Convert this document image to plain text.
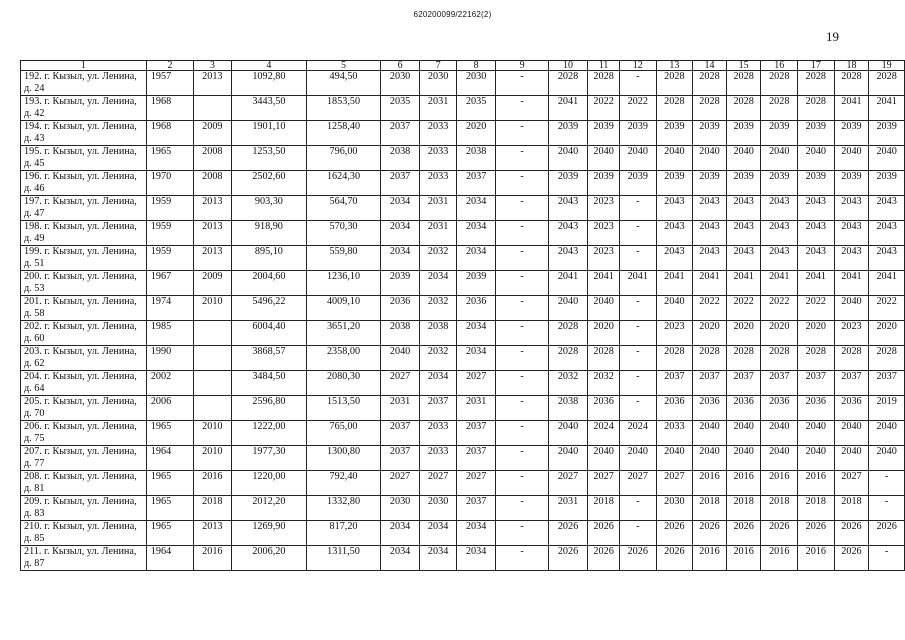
620200099/22162(2)
19
1	2	3	4	5	6	7	8	9	10	11	12	13	14	15	16	17	18	19
192. г. Кызыл, ул. Ленина, д. 24	1957	2013	1092,80	494,50	2030	2030	2030	-	2028	2028	-	2028	2028	2028	2028	2028	2028	2028
193. г. Кызыл, ул. Ленина, д. 42	1968		3443,50	1853,50	2035	2031	2035	-	2041	2022	2022	2028	2028	2028	2028	2028	2041	2041
194. г. Кызыл, ул. Ленина, д. 43	1968	2009	1901,10	1258,40	2037	2033	2020	-	2039	2039	2039	2039	2039	2039	2039	2039	2039	2039
195. г. Кызыл, ул. Ленина, д. 45	1965	2008	1253,50	796,00	2038	2033	2038	-	2040	2040	2040	2040	2040	2040	2040	2040	2040	2040
196. г. Кызыл, ул. Ленина, д. 46	1970	2008	2502,60	1624,30	2037	2033	2037	-	2039	2039	2039	2039	2039	2039	2039	2039	2039	2039
197. г. Кызыл, ул. Ленина, д. 47	1959	2013	903,30	564,70	2034	2031	2034	-	2043	2023	-	2043	2043	2043	2043	2043	2043	2043
198. г. Кызыл, ул. Ленина, д. 49	1959	2013	918,90	570,30	2034	2031	2034	-	2043	2023	-	2043	2043	2043	2043	2043	2043	2043
199. г. Кызыл, ул. Ленина, д. 51	1959	2013	895,10	559,80	2034	2032	2034	-	2043	2023	-	2043	2043	2043	2043	2043	2043	2043
200. г. Кызыл, ул. Ленина, д. 53	1967	2009	2004,60	1236,10	2039	2034	2039	-	2041	2041	2041	2041	2041	2041	2041	2041	2041	2041
201. г. Кызыл, ул. Ленина, д. 58	1974	2010	5496,22	4009,10	2036	2032	2036	-	2040	2040	-	2040	2022	2022	2022	2022	2040	2022
202. г. Кызыл, ул. Ленина, д. 60	1985		6004,40	3651,20	2038	2038	2034	-	2028	2020	-	2023	2020	2020	2020	2020	2023	2020
203. г. Кызыл, ул. Ленина, д. 62	1990		3868,57	2358,00	2040	2032	2034	-	2028	2028	-	2028	2028	2028	2028	2028	2028	2028
204. г. Кызыл, ул. Ленина, д. 64	2002		3484,50	2080,30	2027	2034	2027	-	2032	2032	-	2037	2037	2037	2037	2037	2037	2037
205. г. Кызыл, ул. Ленина, д. 70	2006		2596,80	1513,50	2031	2037	2031	-	2038	2036	-	2036	2036	2036	2036	2036	2036	2019
206. г. Кызыл, ул. Ленина, д. 75	1965	2010	1222,00	765,00	2037	2033	2037	-	2040	2024	2024	2033	2040	2040	2040	2040	2040	2040
207. г. Кызыл, ул. Ленина, д. 77	1964	2010	1977,30	1300,80	2037	2033	2037	-	2040	2040	2040	2040	2040	2040	2040	2040	2040	2040
208. г. Кызыл, ул. Ленина, д. 81	1965	2016	1220,00	792,40	2027	2027	2027	-	2027	2027	2027	2027	2016	2016	2016	2016	2027	-
209. г. Кызыл, ул. Ленина, д. 83	1965	2018	2012,20	1332,80	2030	2030	2037	-	2031	2018	-	2030	2018	2018	2018	2018	2018	-
210. г. Кызыл, ул. Ленина, д. 85	1965	2013	1269,90	817,20	2034	2034	2034	-	2026	2026	-	2026	2026	2026	2026	2026	2026	2026
211. г. Кызыл, ул. Ленина, д. 87	1964	2016	2006,20	1311,50	2034	2034	2034	-	2026	2026	2026	2026	2016	2016	2016	2016	2026	-
